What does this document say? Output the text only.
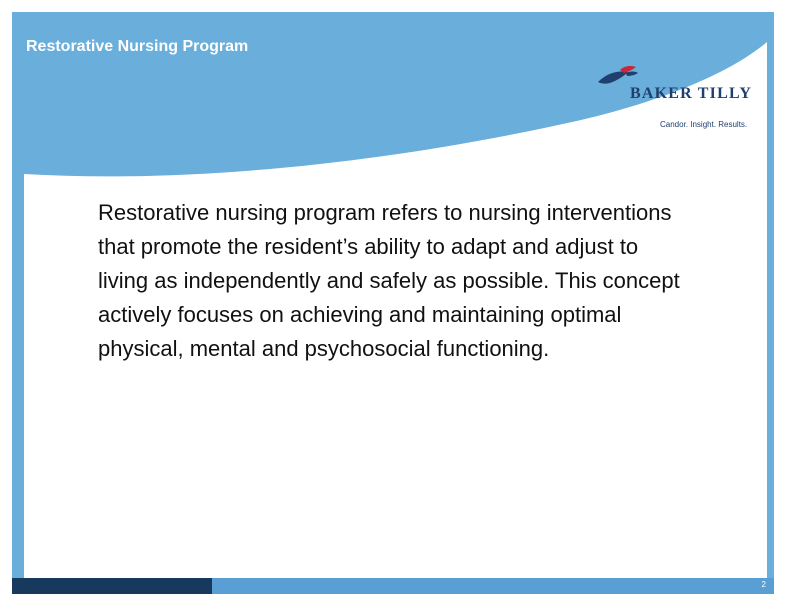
Restorative Nursing Program
BAKER TILLY
Candor. Insight. Results.

Restorative nursing program refers to nursing interventions that promote the resident’s ability to adapt and adjust to living as independently and safely as possible. This concept actively focuses on achieving and maintaining optimal physical, mental and psychosocial functioning.

2
